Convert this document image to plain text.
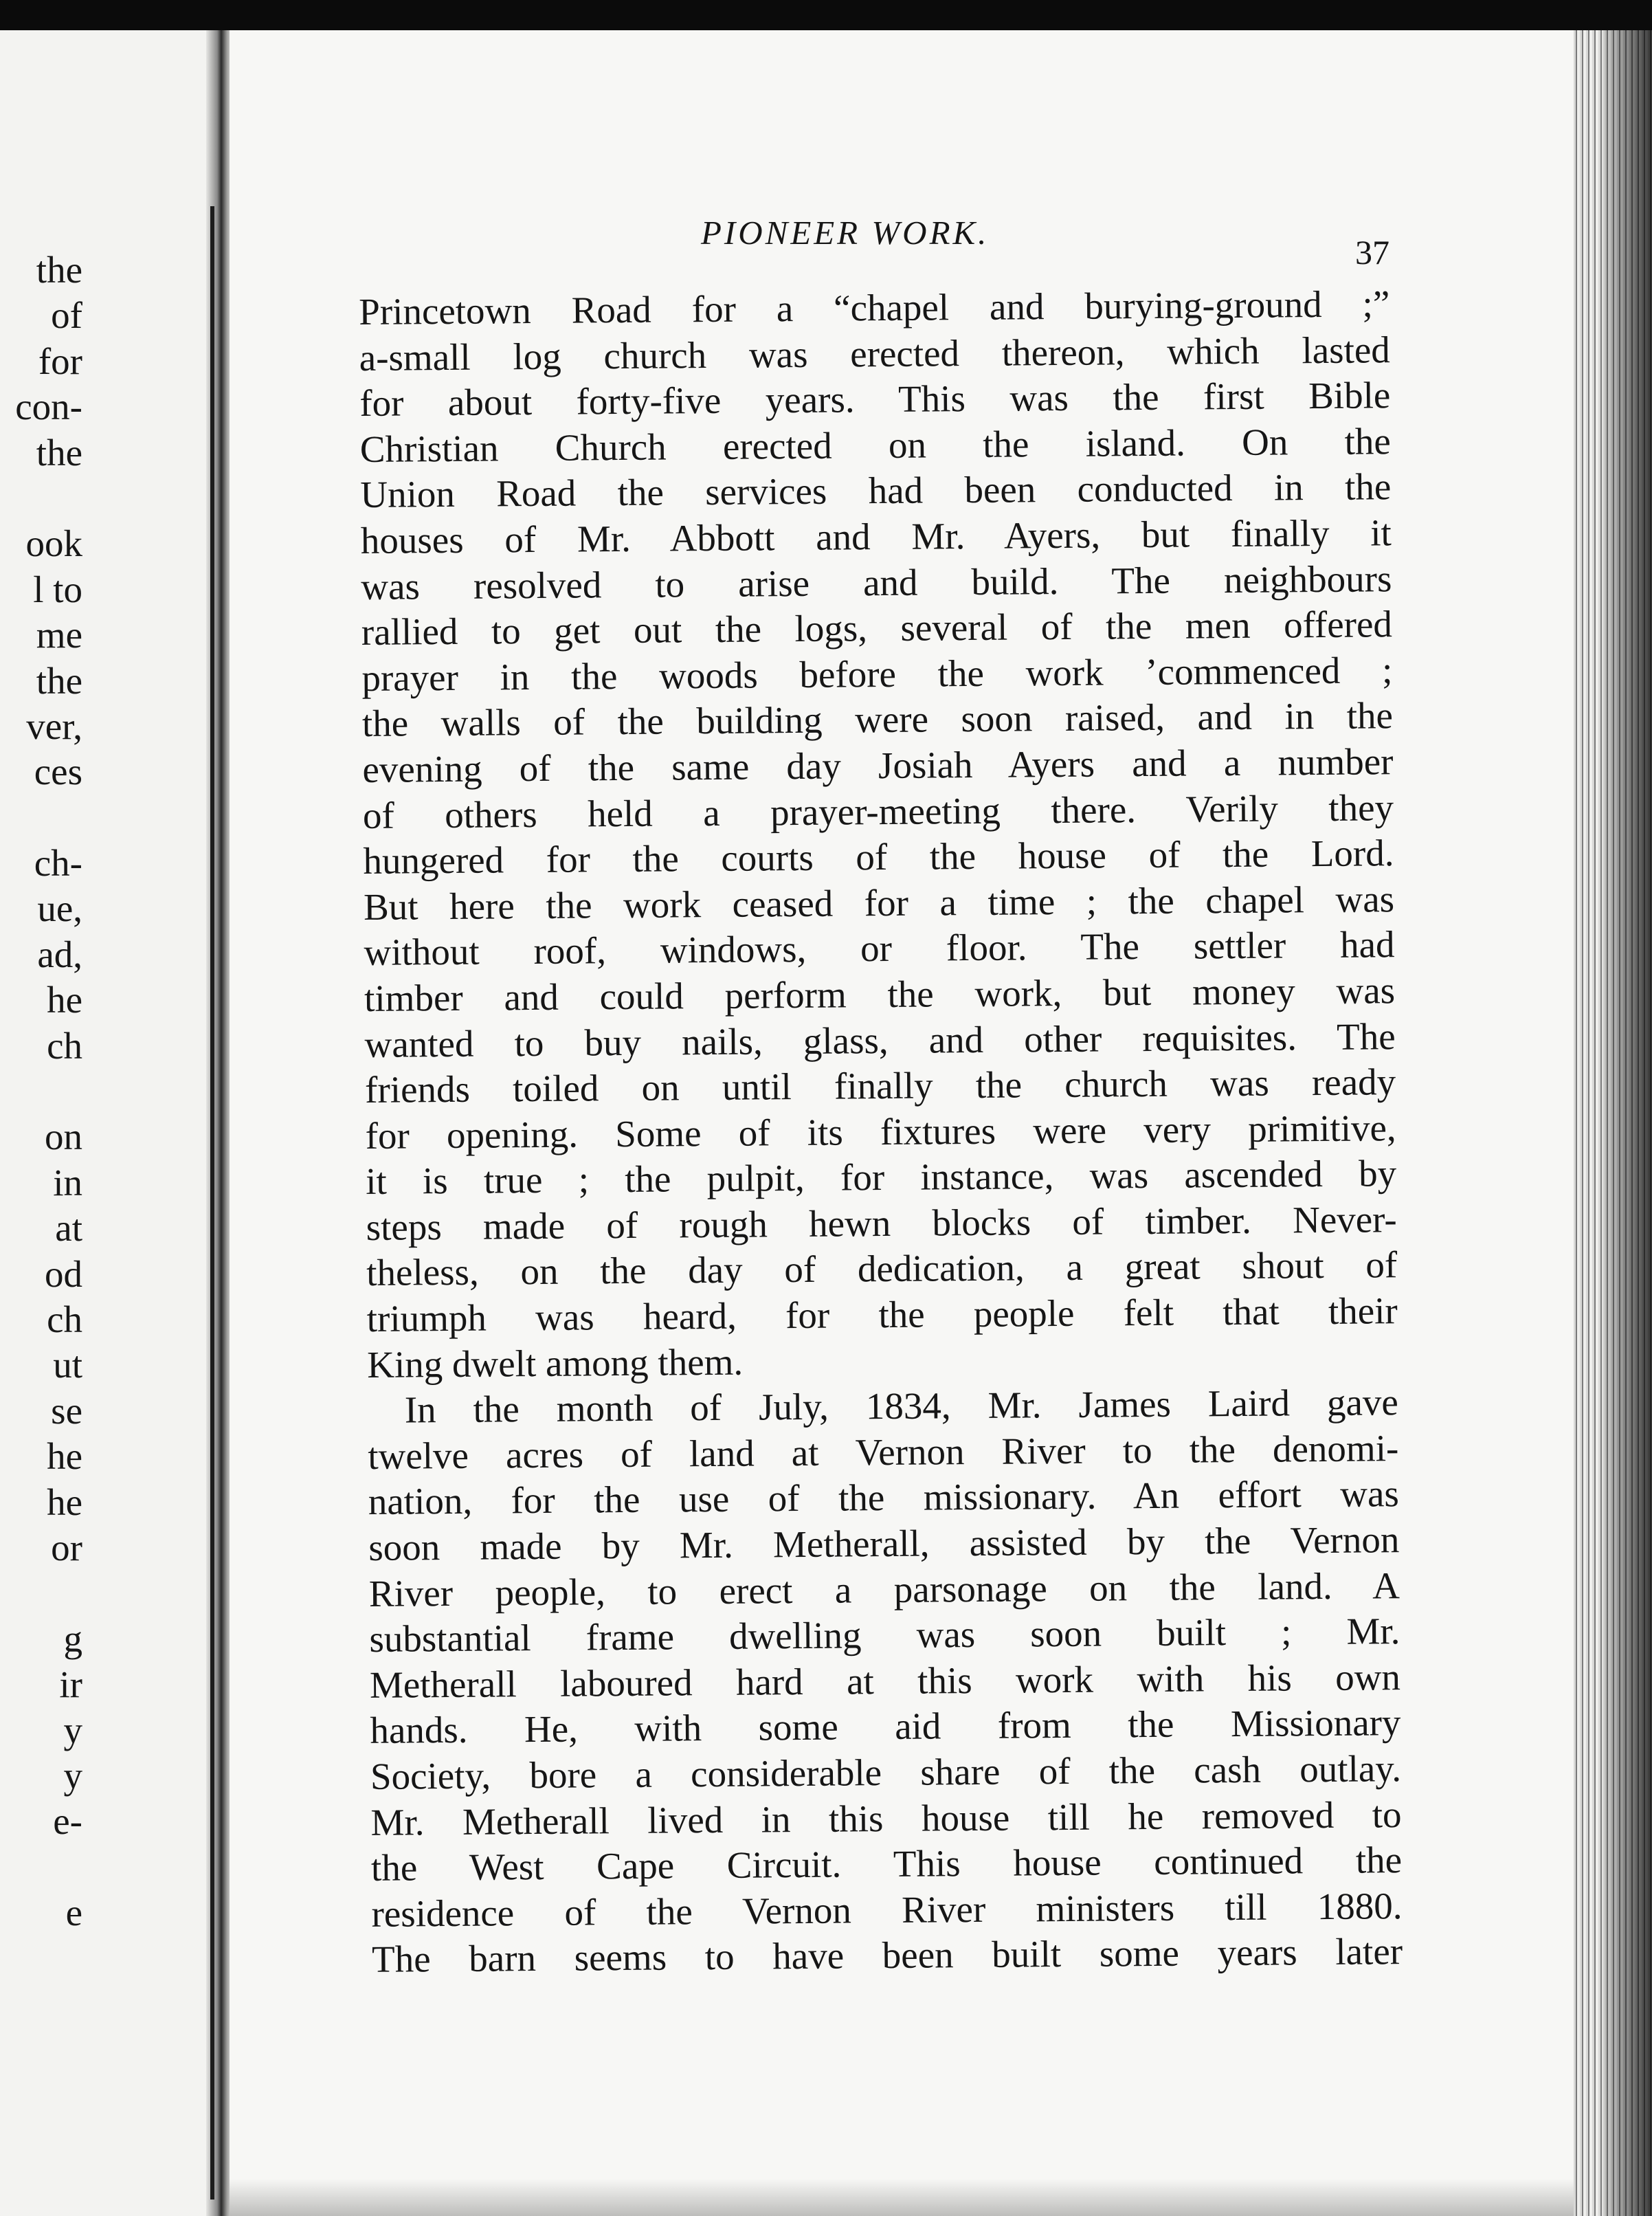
the
of
for
con-
the
ook
l to
me
the
ver,
ces
ch-
ue,
ad,
he
ch
on
in
at
od
ch
ut
se
he
he
or
g
ir
y
y
e-
e
PIONEER WORK.
37
Princetown Road for a “chapel and burying-ground ;”
a-small log church was erected thereon, which lasted
for about forty-five years. This was the first Bible
Christian Church erected on the island. On the
Union Road the services had been conducted in the
houses of Mr. Abbott and Mr. Ayers, but finally it
was resolved to arise and build. The neighbours
rallied to get out the logs, several of the men offered
prayer in the woods before the work ’commenced ;
the walls of the building were soon raised, and in the
evening of the same day Josiah Ayers and a number
of others held a prayer-meeting there. Verily they
hungered for the courts of the house of the Lord.
But here the work ceased for a time ; the chapel was
without roof, windows, or floor. The settler had
timber and could perform the work, but money was
wanted to buy nails, glass, and other requisites. The
friends toiled on until finally the church was ready
for opening. Some of its fixtures were very primitive,
it is true ; the pulpit, for instance, was ascended by
steps made of rough hewn blocks of timber. Never-
theless, on the day of dedication, a great shout of
triumph was heard, for the people felt that their
King dwelt among them.
In the month of July, 1834, Mr. James Laird gave
twelve acres of land at Vernon River to the denomi-
nation, for the use of the missionary. An effort was
soon made by Mr. Metherall, assisted by the Vernon
River people, to erect a parsonage on the land. A
substantial frame dwelling was soon built ; Mr.
Metherall laboured hard at this work with his own
hands. He, with some aid from the Missionary
Society, bore a considerable share of the cash outlay.
Mr. Metherall lived in this house till he removed to
the West Cape Circuit. This house continued the
residence of the Vernon River ministers till 1880.
The barn seems to have been built some years later
